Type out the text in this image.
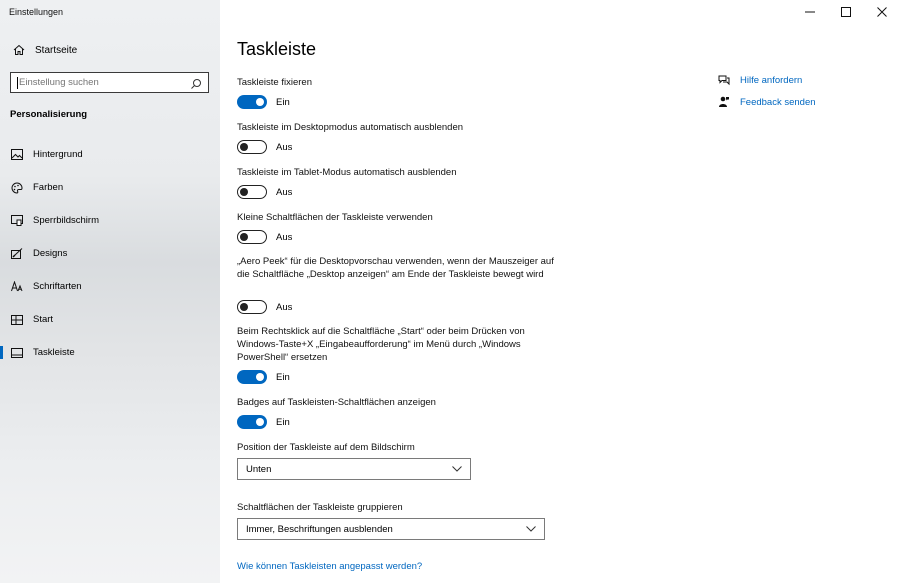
Einstellungen
Startseite
Einstellung suchen
Personalisierung
Hintergrund
Farben
Sperrbildschirm
Designs
Schriftarten
Start
Taskleiste
Taskleiste
Taskleiste fixieren
Ein
Taskleiste im Desktopmodus automatisch ausblenden
Aus
Taskleiste im Tablet-Modus automatisch ausblenden
Aus
Kleine Schaltflächen der Taskleiste verwenden
Aus
„Aero Peek“ für die Desktopvorschau verwenden, wenn der Mauszeiger auf die Schaltfläche „Desktop anzeigen“ am Ende der Taskleiste bewegt wird
Aus
Beim Rechtsklick auf die Schaltfläche „Start“ oder beim Drücken von Windows-Taste+X „Eingabeaufforderung“ im Menü durch „Windows PowerShell“ ersetzen
Ein
Badges auf Taskleisten-Schaltflächen anzeigen
Ein
Position der Taskleiste auf dem Bildschirm
Unten
Schaltflächen der Taskleiste gruppieren
Immer, Beschriftungen ausblenden
Wie können Taskleisten angepasst werden?
Hilfe anfordern
Feedback senden
